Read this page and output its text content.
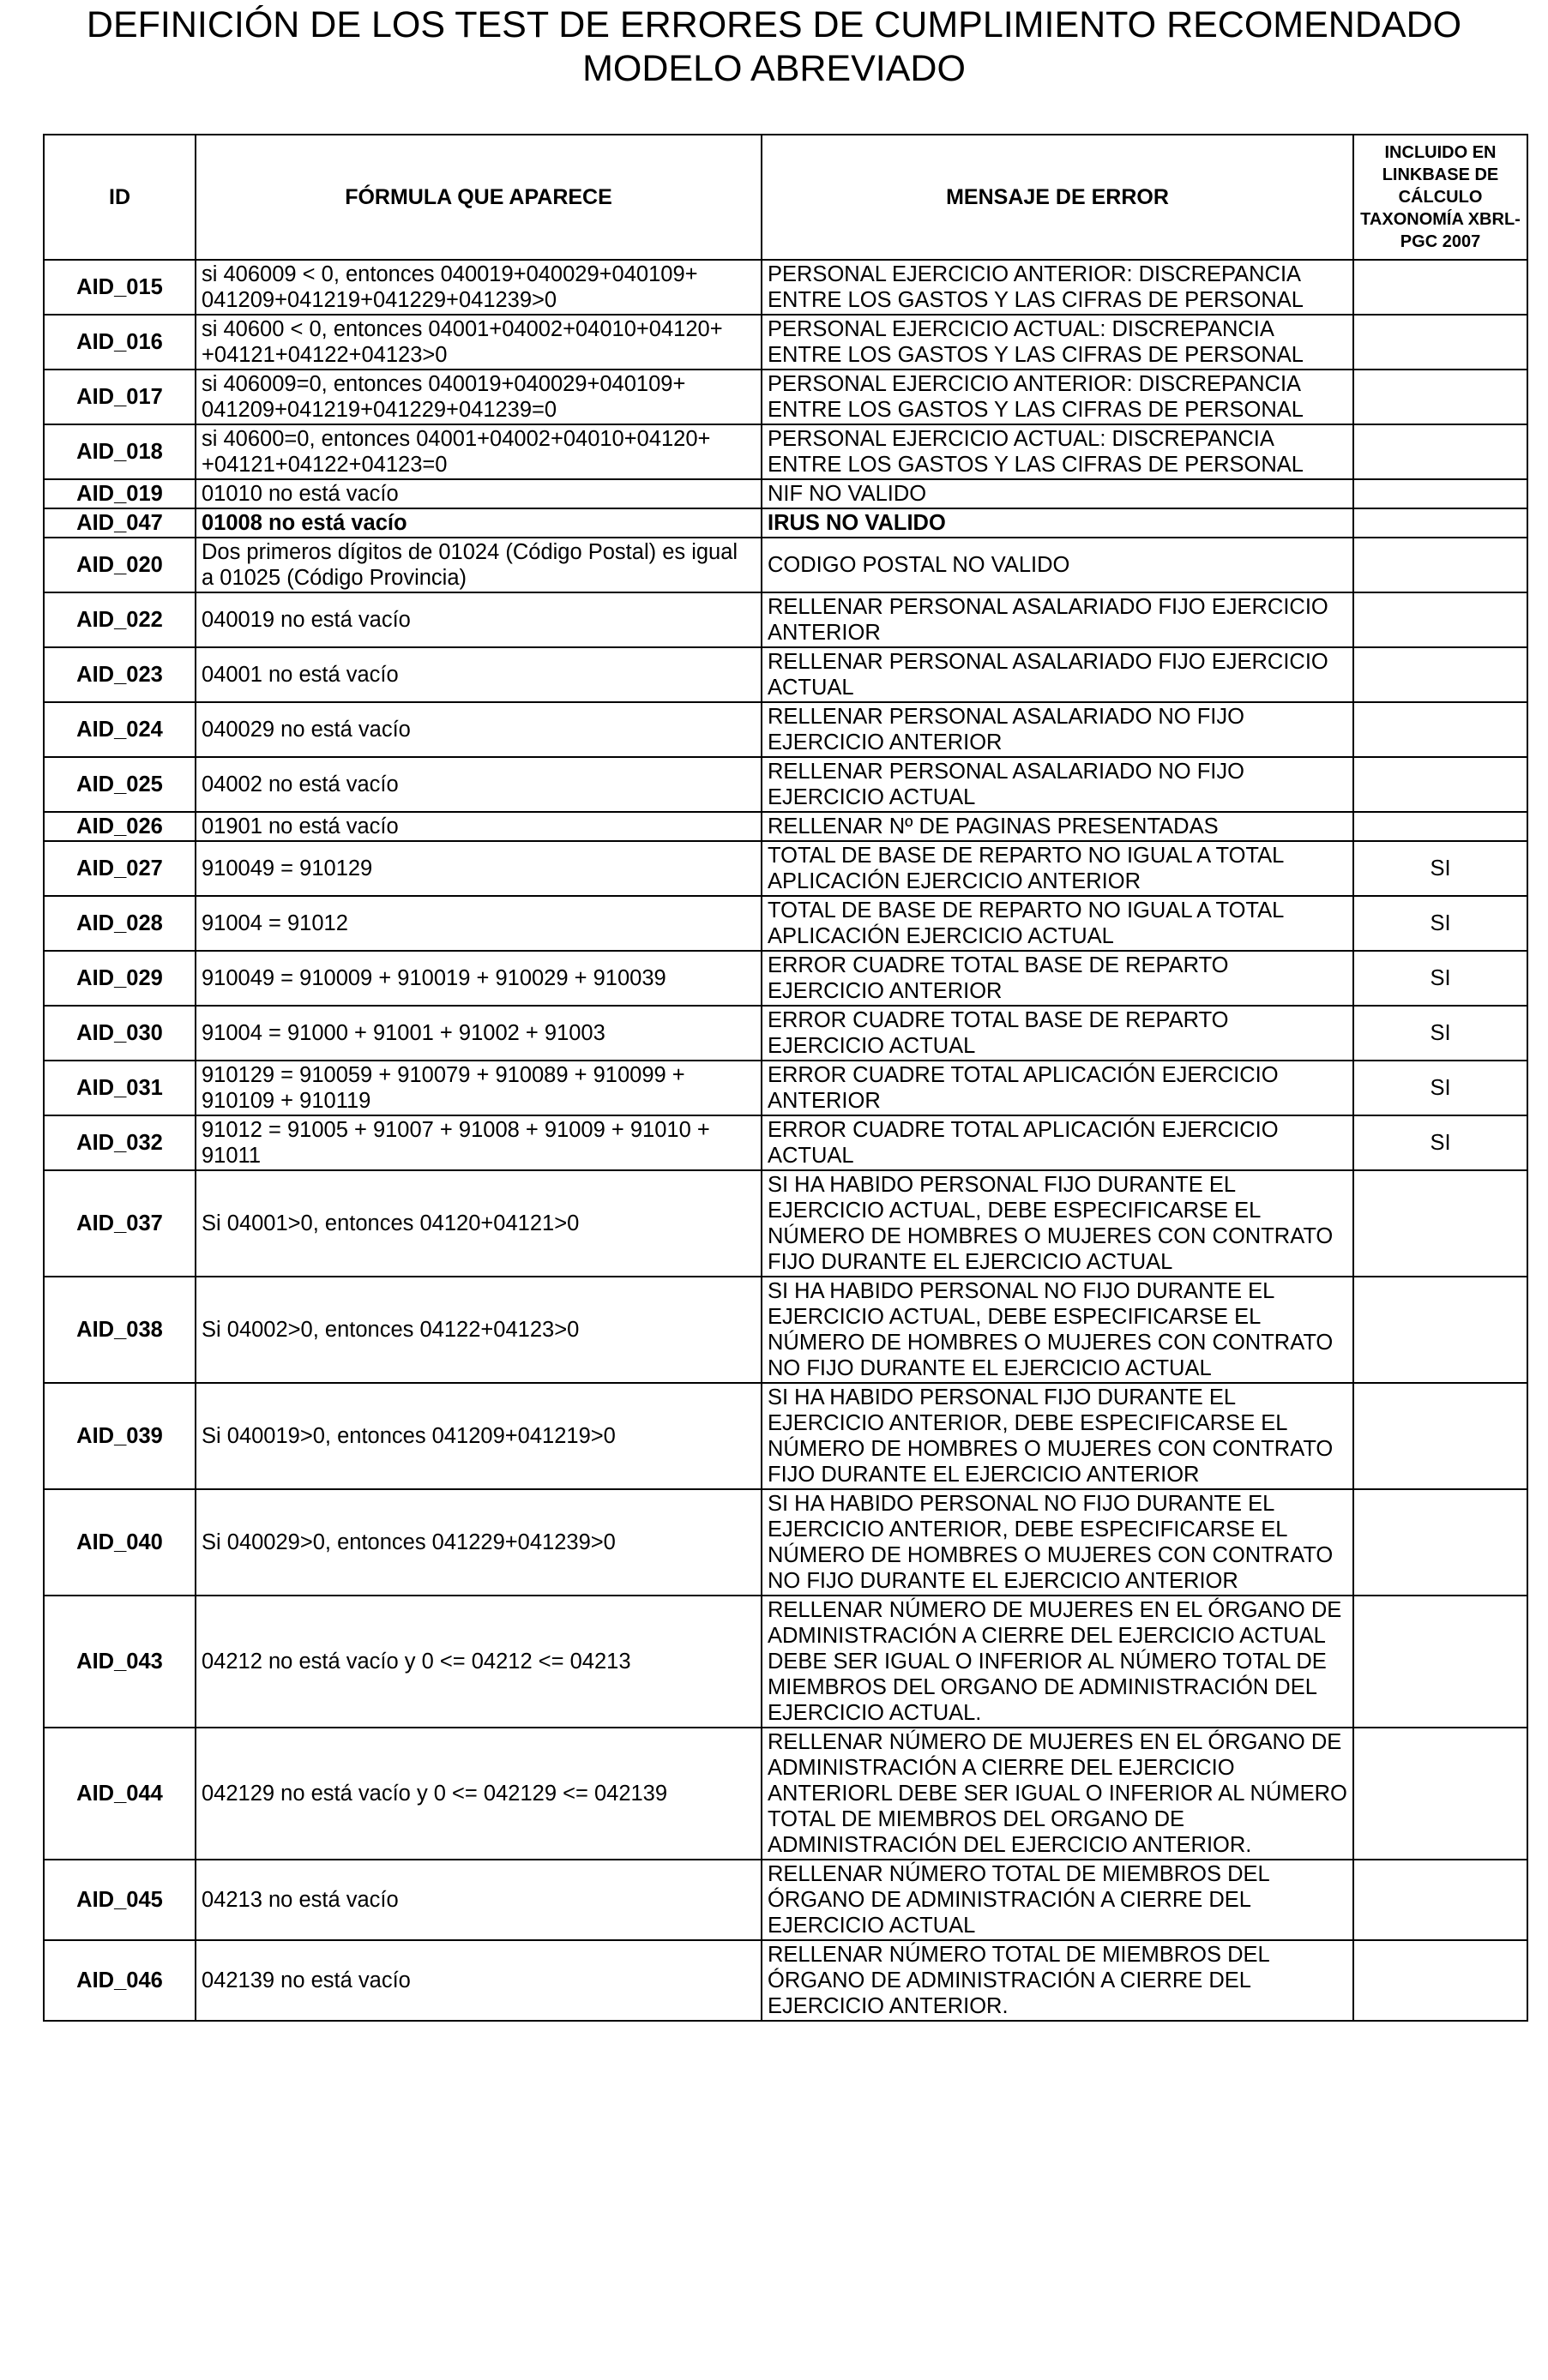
DEFINICIÓN DE LOS TEST DE ERRORES DE CUMPLIMIENTO RECOMENDADO
MODELO ABREVIADO
ID	FÓRMULA QUE APARECE	MENSAJE DE ERROR	INCLUIDO EN LINKBASE DE CÁLCULO TAXONOMÍA XBRL-PGC 2007
AID_015	si 406009 < 0, entonces 040019+040029+040109+ 041209+041219+041229+041239>0	PERSONAL EJERCICIO ANTERIOR: DISCREPANCIA ENTRE LOS GASTOS Y LAS CIFRAS DE PERSONAL	
AID_016	si 40600 < 0, entonces 04001+04002+04010+04120+ +04121+04122+04123>0	PERSONAL EJERCICIO ACTUAL: DISCREPANCIA ENTRE LOS GASTOS Y LAS CIFRAS DE PERSONAL	
AID_017	si 406009=0, entonces 040019+040029+040109+ 041209+041219+041229+041239=0	PERSONAL EJERCICIO ANTERIOR: DISCREPANCIA ENTRE LOS GASTOS Y LAS CIFRAS DE PERSONAL	
AID_018	si 40600=0, entonces 04001+04002+04010+04120+ +04121+04122+04123=0	PERSONAL EJERCICIO ACTUAL: DISCREPANCIA ENTRE LOS GASTOS Y LAS CIFRAS DE PERSONAL	
AID_019	01010 no está vacío	NIF NO VALIDO	
AID_047	01008 no está vacío	IRUS NO VALIDO	
AID_020	Dos primeros dígitos de 01024 (Código Postal) es igual a 01025 (Código Provincia)	CODIGO POSTAL NO VALIDO	
AID_022	040019 no está vacío	RELLENAR PERSONAL ASALARIADO FIJO EJERCICIO ANTERIOR	
AID_023	04001 no está vacío	RELLENAR PERSONAL ASALARIADO FIJO EJERCICIO ACTUAL	
AID_024	040029 no está vacío	RELLENAR PERSONAL ASALARIADO NO FIJO EJERCICIO ANTERIOR	
AID_025	04002 no está vacío	RELLENAR PERSONAL ASALARIADO NO FIJO EJERCICIO ACTUAL	
AID_026	01901 no está vacío	RELLENAR Nº DE PAGINAS PRESENTADAS	
AID_027	910049 = 910129	TOTAL DE BASE DE REPARTO NO IGUAL A TOTAL APLICACIÓN EJERCICIO ANTERIOR	SI
AID_028	91004 = 91012	TOTAL DE BASE DE REPARTO NO IGUAL A TOTAL APLICACIÓN EJERCICIO ACTUAL	SI
AID_029	910049 = 910009 + 910019 + 910029 + 910039	ERROR CUADRE TOTAL BASE DE REPARTO EJERCICIO ANTERIOR	SI
AID_030	91004 = 91000 + 91001 + 91002 + 91003	ERROR CUADRE TOTAL BASE DE REPARTO EJERCICIO ACTUAL	SI
AID_031	910129 = 910059 + 910079 + 910089 + 910099 + 910109 + 910119	ERROR CUADRE TOTAL APLICACIÓN EJERCICIO ANTERIOR	SI
AID_032	91012 = 91005 + 91007 + 91008 + 91009 + 91010 + 91011	ERROR CUADRE TOTAL APLICACIÓN EJERCICIO ACTUAL	SI
AID_037	Si 04001>0, entonces 04120+04121>0	SI HA HABIDO PERSONAL FIJO DURANTE EL EJERCICIO ACTUAL, DEBE ESPECIFICARSE EL NÚMERO DE HOMBRES O MUJERES CON CONTRATO FIJO DURANTE EL EJERCICIO ACTUAL	
AID_038	Si 04002>0, entonces 04122+04123>0	SI HA HABIDO PERSONAL NO FIJO DURANTE EL EJERCICIO ACTUAL, DEBE ESPECIFICARSE EL NÚMERO DE HOMBRES O MUJERES CON CONTRATO NO FIJO DURANTE EL EJERCICIO ACTUAL	
AID_039	Si 040019>0, entonces 041209+041219>0	SI HA HABIDO PERSONAL FIJO DURANTE EL EJERCICIO ANTERIOR, DEBE ESPECIFICARSE EL NÚMERO DE HOMBRES O MUJERES CON CONTRATO FIJO DURANTE EL EJERCICIO ANTERIOR	
AID_040	Si 040029>0, entonces 041229+041239>0	SI HA HABIDO PERSONAL NO FIJO DURANTE EL EJERCICIO ANTERIOR, DEBE ESPECIFICARSE EL NÚMERO DE HOMBRES O MUJERES CON CONTRATO NO FIJO DURANTE EL EJERCICIO ANTERIOR	
AID_043	04212 no está vacío y 0 <= 04212 <= 04213	RELLENAR NÚMERO DE MUJERES EN EL ÓRGANO DE ADMINISTRACIÓN A CIERRE DEL EJERCICIO ACTUAL DEBE SER IGUAL O INFERIOR AL NÚMERO TOTAL DE MIEMBROS DEL ORGANO DE ADMINISTRACIÓN DEL EJERCICIO ACTUAL.	
AID_044	042129 no está vacío y 0 <= 042129 <= 042139	RELLENAR NÚMERO DE MUJERES EN EL ÓRGANO DE ADMINISTRACIÓN A CIERRE DEL EJERCICIO ANTERIORL DEBE SER IGUAL O INFERIOR AL NÚMERO TOTAL DE MIEMBROS DEL ORGANO DE ADMINISTRACIÓN DEL EJERCICIO ANTERIOR.	
AID_045	04213 no está vacío	RELLENAR NÚMERO TOTAL DE MIEMBROS DEL ÓRGANO DE ADMINISTRACIÓN A CIERRE DEL EJERCICIO ACTUAL	
AID_046	042139 no está vacío	RELLENAR NÚMERO TOTAL DE MIEMBROS DEL ÓRGANO DE ADMINISTRACIÓN A CIERRE DEL EJERCICIO ANTERIOR.	
